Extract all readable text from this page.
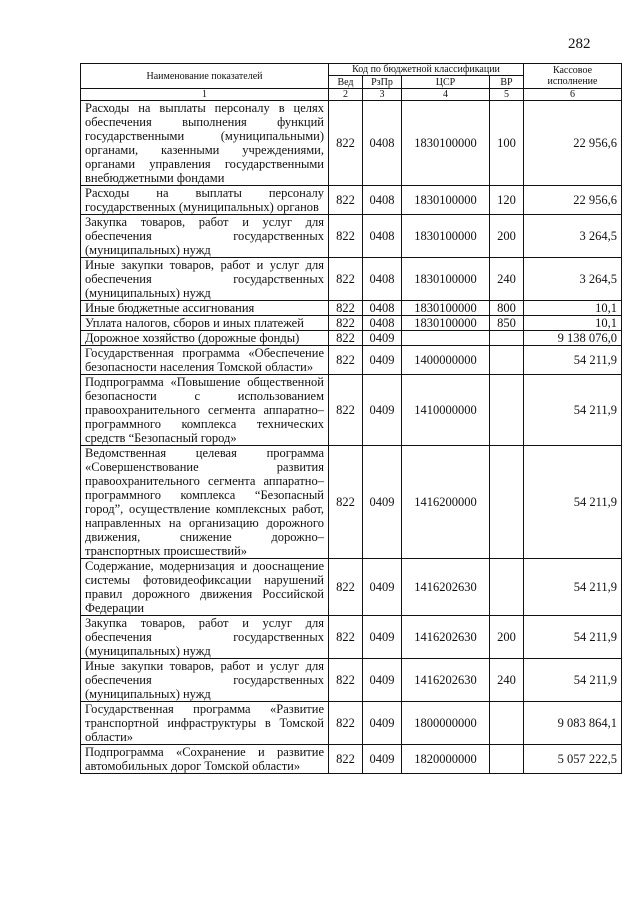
282
Наименование показателей	Код по бюджетной классификации				Кассовое исполнение
	Вед	РзПр	ЦСР	ВР	
1	2	3	4	5	6
Расходы на выплаты персоналу в целях обеспечения выполнения функций государственными (муниципальными) органами, казенными учреждениями, органами управления государственными внебюджетными фондами	822	0408	1830100000	100	22 956,6
Расходы на выплаты персоналу государственных (муниципальных) органов	822	0408	1830100000	120	22 956,6
Закупка товаров, работ и услуг для обеспечения государственных (муниципальных) нужд	822	0408	1830100000	200	3 264,5
Иные закупки товаров, работ и услуг для обеспечения государственных (муниципальных) нужд	822	0408	1830100000	240	3 264,5
Иные бюджетные ассигнования	822	0408	1830100000	800	10,1
Уплата налогов, сборов и иных платежей	822	0408	1830100000	850	10,1
Дорожное хозяйство (дорожные фонды)	822	0409			9 138 076,0
Государственная программа «Обеспечение безопасности населения Томской области»	822	0409	1400000000		54 211,9
Подпрограмма «Повышение общественной безопасности с использованием правоохранительного сегмента аппаратно–программного комплекса технических средств “Безопасный город»	822	0409	1410000000		54 211,9
Ведомственная целевая программа «Совершенствование развития правоохранительного сегмента аппаратно–программного комплекса “Безопасный город”, осуществление комплексных работ, направленных на организацию дорожного движения, снижение дорожно–транспортных происшествий»	822	0409	1416200000		54 211,9
Содержание, модернизация и дооснащение системы фотовидеофиксации нарушений правил дорожного движения Российской Федерации	822	0409	1416202630		54 211,9
Закупка товаров, работ и услуг для обеспечения государственных (муниципальных) нужд	822	0409	1416202630	200	54 211,9
Иные закупки товаров, работ и услуг для обеспечения государственных (муниципальных) нужд	822	0409	1416202630	240	54 211,9
Государственная программа «Развитие транспортной инфраструктуры в Томской области»	822	0409	1800000000		9 083 864,1
Подпрограмма «Сохранение и развитие автомобильных дорог Томской области»	822	0409	1820000000		5 057 222,5
